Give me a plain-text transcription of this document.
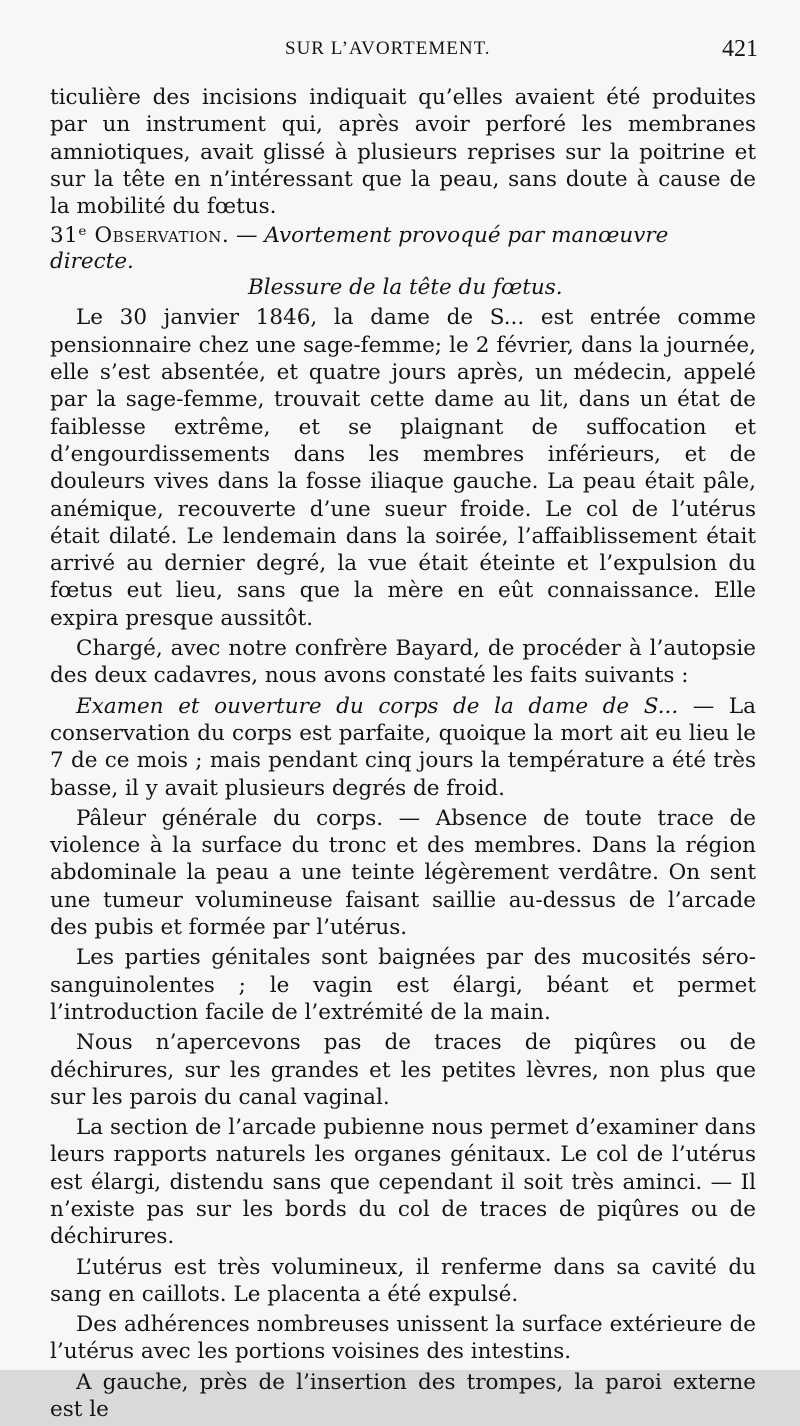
SUR L’AVORTEMENT.	421

ticulière des incisions indiquait qu’elles avaient été produites par un instrument qui, après avoir perforé les membranes amniotiques, avait glissé à plusieurs reprises sur la poitrine et sur la tête en n’intéressant que la peau, sans doute à cause de la mobilité du fœtus.

31ᵉ Observation. — Avortement provoqué par manœuvre directe.
Blessure de la tête du fœtus.

Le 30 janvier 1846, la dame de S... est entrée comme pensionnaire chez une sage-femme; le 2 février, dans la journée, elle s’est absentée, et quatre jours après, un médecin, appelé par la sage-femme, trouvait cette dame au lit, dans un état de faiblesse extrême, et se plaignant de suffocation et d’engourdissements dans les membres inférieurs, et de douleurs vives dans la fosse iliaque gauche. La peau était pâle, anémique, recouverte d’une sueur froide. Le col de l’utérus était dilaté. Le lendemain dans la soirée, l’affaiblissement était arrivé au dernier degré, la vue était éteinte et l’expulsion du fœtus eut lieu, sans que la mère en eût connaissance. Elle expira presque aussitôt.

Chargé, avec notre confrère Bayard, de procéder à l’autopsie des deux cadavres, nous avons constaté les faits suivants :

Examen et ouverture du corps de la dame de S... — La conservation du corps est parfaite, quoique la mort ait eu lieu le 7 de ce mois ; mais pendant cinq jours la température a été très basse, il y avait plusieurs degrés de froid.

Pâleur générale du corps. — Absence de toute trace de violence à la surface du tronc et des membres. Dans la région abdominale la peau a une teinte légèrement verdâtre. On sent une tumeur volumineuse faisant saillie au-dessus de l’arcade des pubis et formée par l’utérus.

Les parties génitales sont baignées par des mucosités séro-sanguinolentes ; le vagin est élargi, béant et permet l’introduction facile de l’extrémité de la main.

Nous n’apercevons pas de traces de piqûres ou de déchirures, sur les grandes et les petites lèvres, non plus que sur les parois du canal vaginal.

La section de l’arcade pubienne nous permet d’examiner dans leurs rapports naturels les organes génitaux. Le col de l’utérus est élargi, distendu sans que cependant il soit très aminci. — Il n’existe pas sur les bords du col de traces de piqûres ou de déchirures.

L’utérus est très volumineux, il renferme dans sa cavité du sang en caillots. Le placenta a été expulsé.

Des adhérences nombreuses unissent la surface extérieure de l’utérus avec les portions voisines des intestins.

A gauche, près de l’insertion des trompes, la paroi externe est le
